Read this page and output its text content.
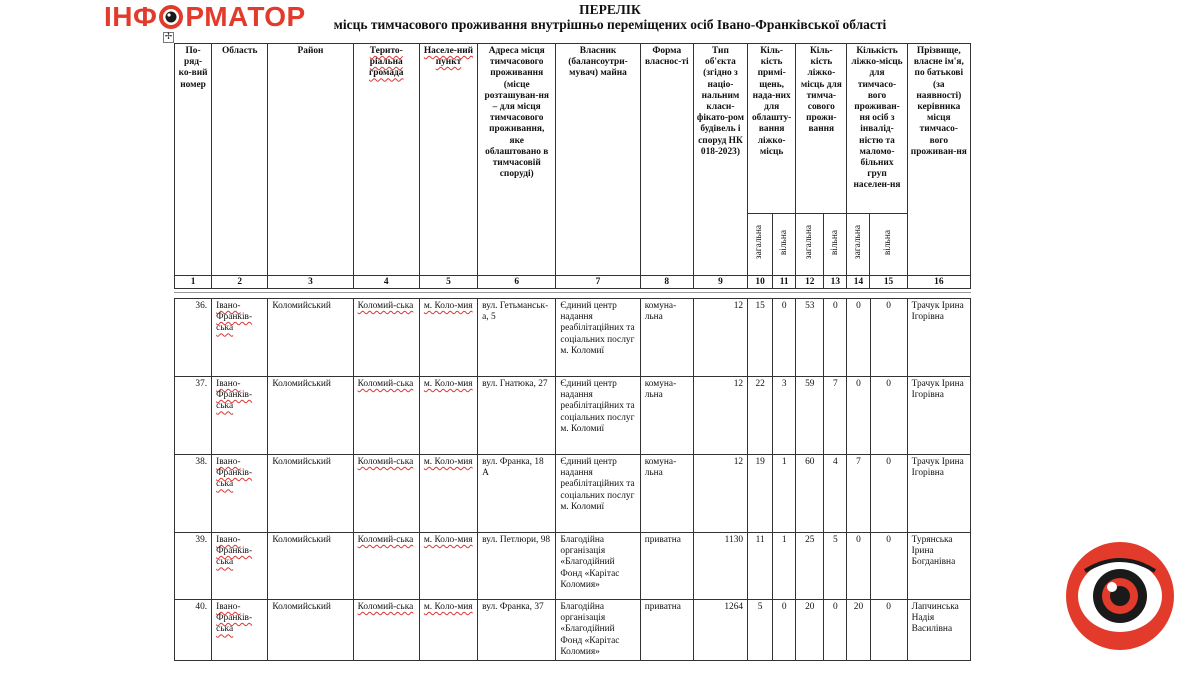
ІНФ РМАТОР	ПЕРЕЛІК
місць тимчасового проживання внутрішньо переміщених осіб Івано-Франківської області
✢
По-ряд-ко-вий номер	Область	Район	Терито-ріальна громада	Населе-ний пункт	Адреса місця тимчасового проживання (місце розташуван-ня – для місця тимчасового проживання, яке облаштовано в тимчасовій споруді)	Власник (балансоутри-мувач) майна	Форма власнос-ті	Тип об'єкта (згідно з націо-нальним класи-фікато-ром будівель і споруд НК 018-2023)	Кіль-кість примі-щень, нада-них для облашту-вання ліжко-місць		Кіль-кість ліжко-місць для тимча-сового прожи-вання		Кількість ліжко-місць для тимчасо-вого проживан-ня осіб з інвалід-ністю та маломо-більних груп населен-ня		Прізвище, власне ім'я, по батькові (за наявності) керівника місця тимчасо-вого проживан-ня
									загальна	вільна	загальна	вільна	загальна	вільна	
1	2	3	4	5	6	7	8	9	10	11	12	13	14	15	16
36.	Івано-Франків-ська	Коломийський	Коломий-ська	м. Коло-мия	вул. Гетьманськ-а, 5	Єдиний центр надання реабілітаційних та соціальних послуг м. Коломиї	комуна-льна	12	15	0	53	0	0	0	Трачук Ірина Ігорівна
37.	Івано-Франків-ська	Коломийський	Коломий-ська	м. Коло-мия	вул. Гнатюка, 27	Єдиний центр надання реабілітаційних та соціальних послуг м. Коломиї	комуна-льна	12	22	3	59	7	0	0	Трачук Ірина Ігорівна
38.	Івано-Франків-ська	Коломийський	Коломий-ська	м. Коло-мия	вул. Франка, 18 А	Єдиний центр надання реабілітаційних та соціальних послуг м. Коломиї	комуна-льна	12	19	1	60	4	7	0	Трачук Ірина Ігорівна
39.	Івано-Франків-ська	Коломийський	Коломий-ська	м. Коло-мия	вул. Петлюри, 98	Благодійна організація «Благодійний Фонд «Карітас Коломия»	приватна	1130	11	1	25	5	0	0	Турянська Ірина Богданівна
40.	Івано-Франків-ська	Коломийський	Коломий-ська	м. Коло-мия	вул. Франка, 37	Благодійна організація «Благодійний Фонд «Карітас Коломия»	приватна	1264	5	0	20	0	20	0	Лапчинська Надія Василівна
